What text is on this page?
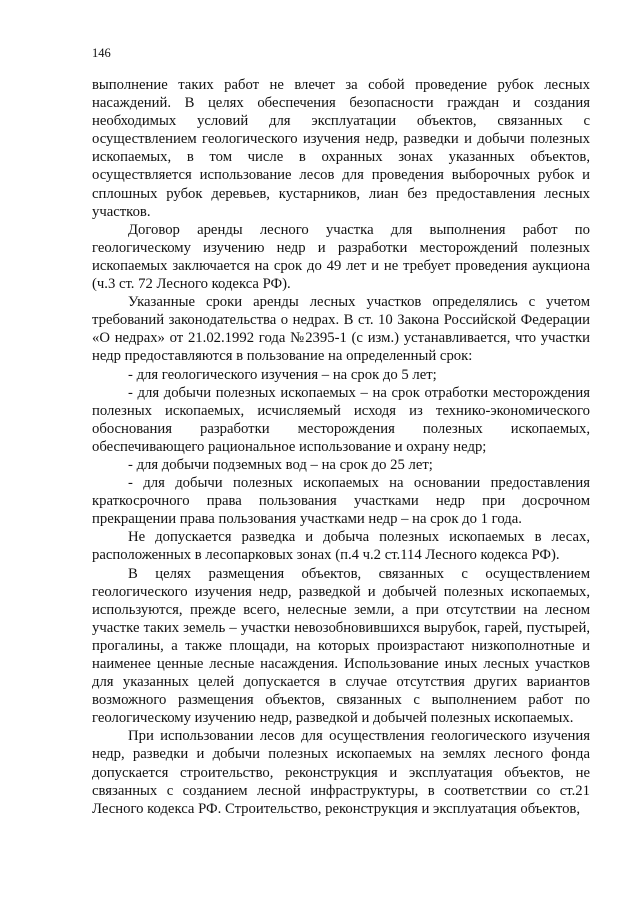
146

выполнение таких работ не влечет за собой проведение рубок лесных насаждений. В целях обеспечения безопасности граждан и создания необходимых условий для эксплуатации объектов, связанных с осуществлением геологического изучения недр, разведки и добычи полезных ископаемых, в том числе в охранных зонах указанных объектов, осуществляется использование лесов для проведения выборочных рубок и сплошных рубок деревьев, кустарников, лиан без предоставления лесных участков.

Договор аренды лесного участка для выполнения работ по геологическому изучению недр и разработки месторождений полезных ископаемых заключается на срок до 49 лет и не требует проведения аукциона (ч.3 ст. 72 Лесного кодекса РФ).

Указанные сроки аренды лесных участков определялись с учетом требований законодательства о недрах. В ст. 10 Закона Российской Федерации «О недрах» от 21.02.1992 года №2395-1 (с изм.) устанавливается, что участки недр предоставляются в пользование на определенный срок:

- для геологического изучения – на срок до 5 лет;

- для добычи полезных ископаемых – на срок отработки месторождения полезных ископаемых, исчисляемый исходя из технико-экономического обоснования разработки месторождения полезных ископаемых, обеспечивающего рациональное использование и охрану недр;

- для добычи подземных вод – на срок до 25 лет;

- для добычи полезных ископаемых на основании предоставления краткосрочного права пользования участками недр при досрочном прекращении права пользования участками недр – на срок до 1 года.

Не допускается разведка и добыча полезных ископаемых в лесах, расположенных в лесопарковых зонах (п.4 ч.2 ст.114 Лесного кодекса РФ).

В целях размещения объектов, связанных с осуществлением геологического изучения недр, разведкой и добычей полезных ископаемых, используются, прежде всего, нелесные земли, а при отсутствии на лесном участке таких земель – участки невозобновившихся вырубок, гарей, пустырей, прогалины, а также площади, на которых произрастают низкополнотные и наименее ценные лесные насаждения. Использование иных лесных участков для указанных целей допускается в случае отсутствия других вариантов возможного размещения объектов, связанных с выполнением работ по геологическому изучению недр, разведкой и добычей полезных ископаемых.

При использовании лесов для осуществления геологического изучения недр, разведки и добычи полезных ископаемых на землях лесного фонда допускается строительство, реконструкция и эксплуатация объектов, не связанных с созданием лесной инфраструктуры, в соответствии со ст.21 Лесного кодекса РФ. Строительство, реконструкция и эксплуатация объектов,
